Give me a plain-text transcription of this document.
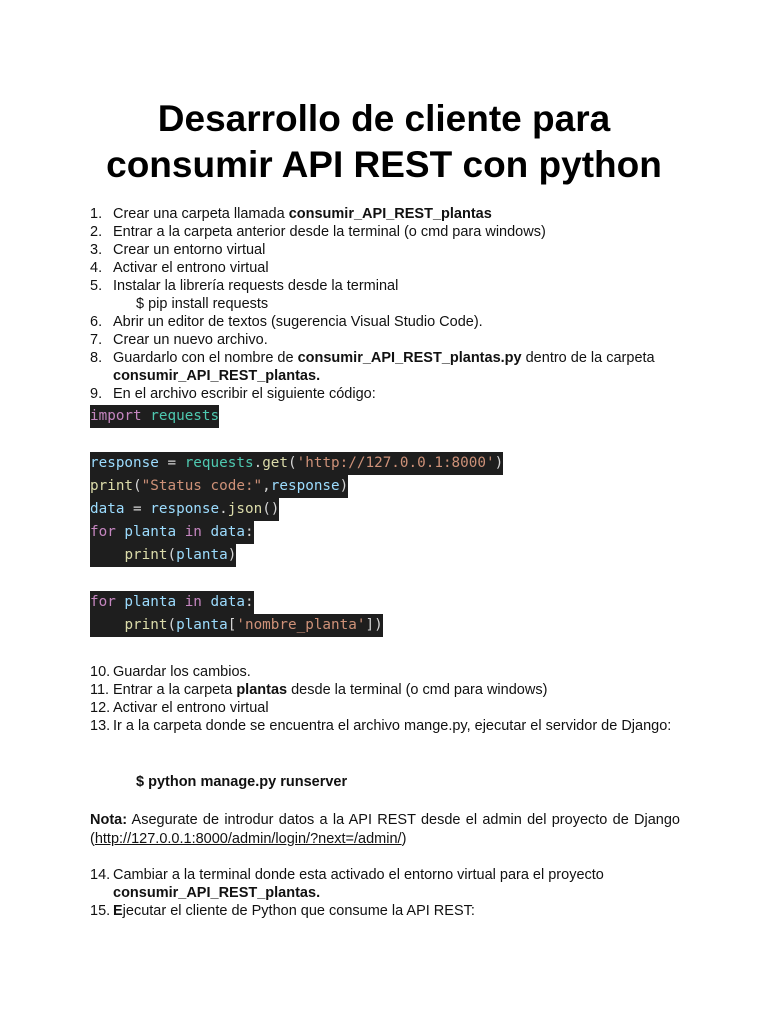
Desarrollo de cliente para
consumir API REST con python
1. Crear una carpeta llamada consumir_API_REST_plantas
2. Entrar a la carpeta anterior desde la terminal (o cmd para windows)
3. Crear un entorno virtual
4. Activar el entrono virtual
5. Instalar la librería requests desde la terminal
$ pip install requests
6. Abrir un editor de textos (sugerencia Visual Studio Code).
7. Crear un nuevo archivo.
8. Guardarlo con el nombre de consumir_API_REST_plantas.py dentro de la carpeta
consumir_API_REST_plantas.
9. En el archivo escribir el siguiente código:
import requests
response = requests.get('http://127.0.0.1:8000')
print("Status code:",response)
data = response.json()
for planta in data:
print(planta)
for planta in data:
print(planta['nombre_planta'])
10. Guardar los cambios.
11. Entrar a la carpeta plantas desde la terminal (o cmd para windows)
12. Activar el entrono virtual
13. Ir a la carpeta donde se encuentra el archivo mange.py, ejecutar el servidor de Django:
$ python manage.py runserver
Nota: Asegurate de introdur datos a la API REST desde el admin del proyecto de Django (http://127.0.0.1:8000/admin/login/?next=/admin/)
14. Cambiar a la terminal donde esta activado el entorno virtual para el proyecto
consumir_API_REST_plantas.
15. Ejecutar el cliente de Python que consume la API REST:
